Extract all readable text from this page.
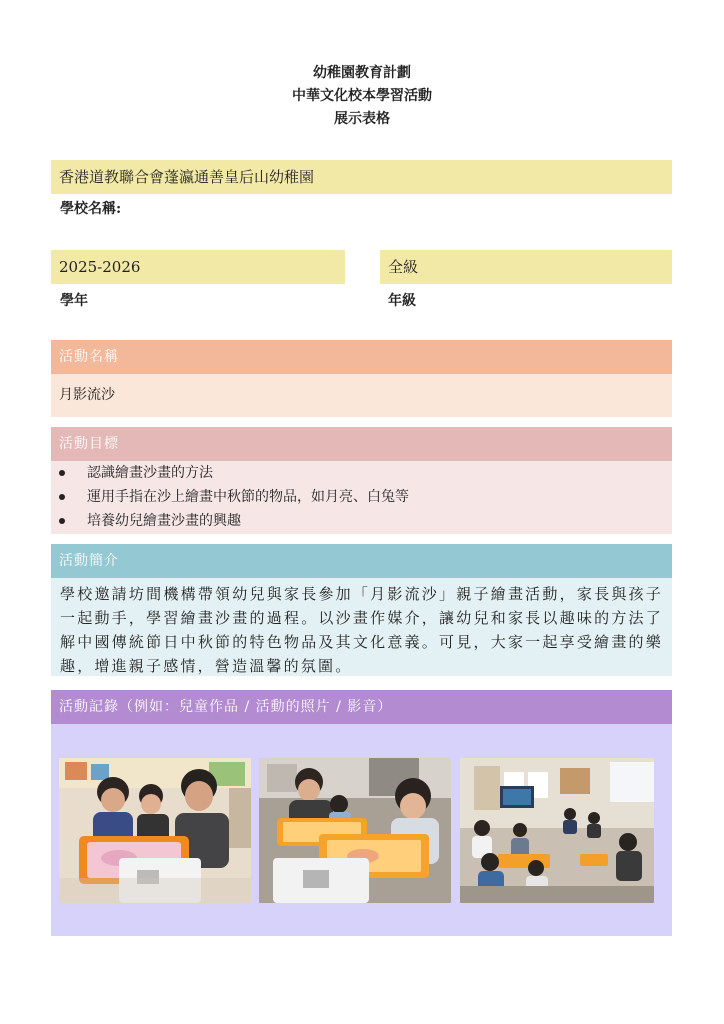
幼稚園教育計劃
中華文化校本學習活動
展示表格
香港道教聯合會蓬瀛通善皇后山幼稚園
學校名稱:
2025-2026
學年
全級
年級
活動名稱
月影流沙
活動目標
認識繪畫沙畫的方法
運用手指在沙上繪畫中秋節的物品，如月亮、白兔等
培養幼兒繪畫沙畫的興趣
活動簡介

學校邀請坊間機構帶領幼兒與家長參加「月影流沙」親子繪畫活動，家長與孩子一起動手，學習繪畫沙畫的過程。以沙畫作媒介，讓幼兒和家長以趣味的方法了解中國傳統節日中秋節的特色物品及其文化意義。可見，大家一起享受繪畫的樂趣，增進親子感情，營造溫馨的氛圍。

活動記錄（例如：兒童作品 / 活動的照片 / 影音）
